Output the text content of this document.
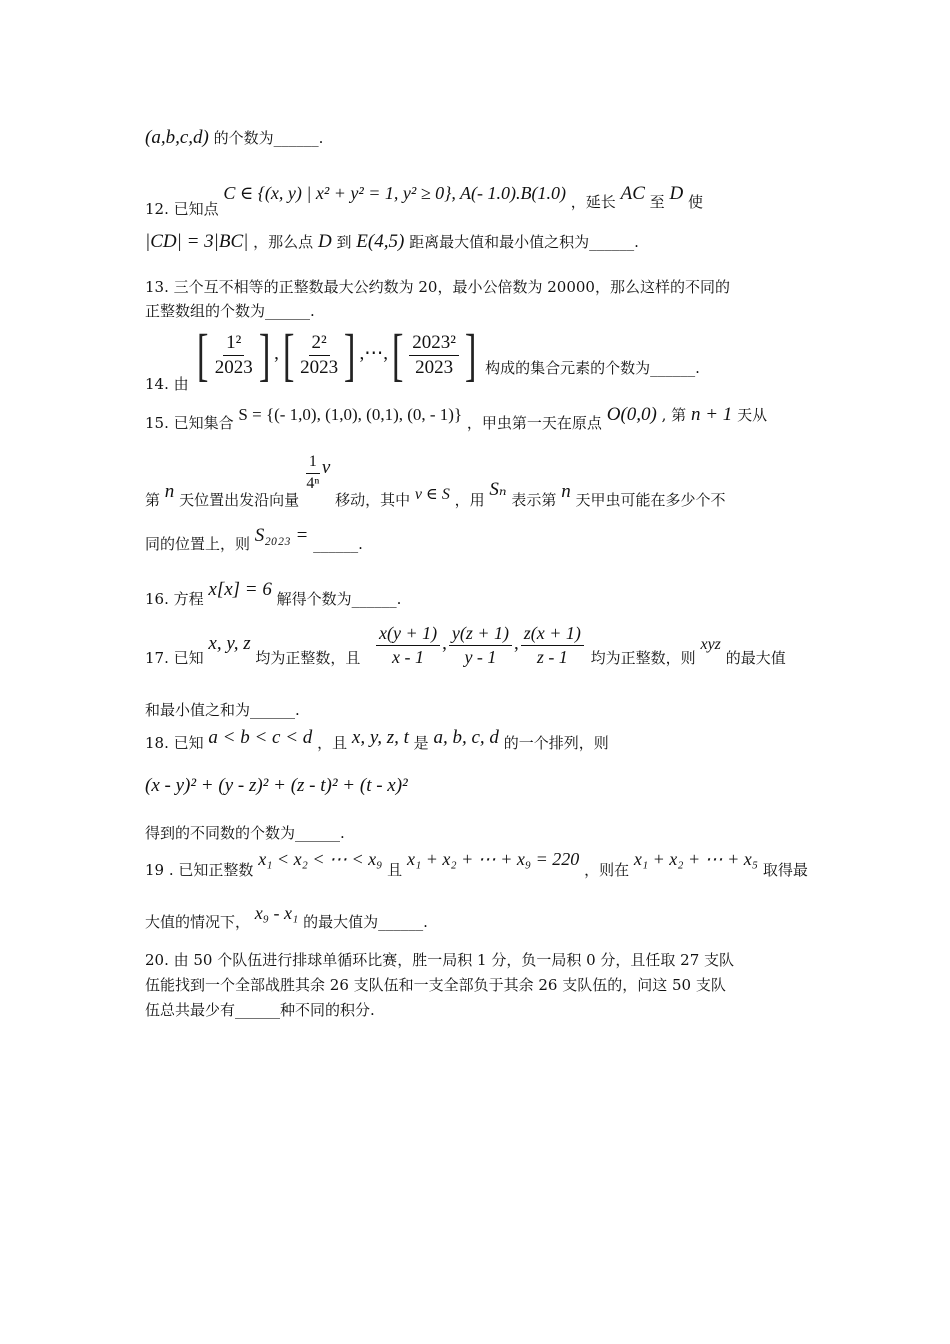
(a,b,c,d) 的个数为______.
12. 已知点 C ∈ {(x, y) | x² + y² = 1, y² ≥ 0}, A(- 1.0).B(1.0) ，延长 AC 至 D 使
|CD| = 3|BC| ，那么点 D 到 E(4,5) 距离最大值和最小值之积为______.
13. 三个互不相等的正整数最大公约数为 20，最小公倍数为 20000，那么这样的不同的
正整数组的个数为______.
14. 由 [ $\frac{\text{1²}}{2023}$ ] , [ $\frac{\text{2²}}{2023}$ ] ,⋯, [ $\frac{\text{2023²}}{2023}$ ] 构成的集合元素的个数为______.
15. 已知集合 S = {(- 1,0), (1,0), (0,1), (0, - 1)} ，甲虫第一天在原点 O(0,0) , 第 n + 1 天从
第 n 天位置出发沿向量
$\frac{1}{\text{4ⁿ}}$ v 移动，其中 v ∈ S ，用 Sₙ 表示第 n 天甲虫可能在多少个不
同的位置上，则 S₂₀₂₃ = ______.
16. 方程 x[x] = 6 解得个数为______.
17. 已知 x, y, z 均为正整数，且 $\frac{x(y + 1)}{x - 1}$ , $\frac{y(z + 1)}{y - 1}$ , $\frac{z(x + 1)}{z - 1}$ 均为正整数，则 xyz 的最大值
和最小值之和为______.
18. 已知 a < b < c < d ，且 x, y, z, t 是 a, b, c, d 的一个排列，则
(x - y)² + (y - z)² + (z - t)² + (t - x)²
得到的不同数的个数为______.
19 . 已知正整数 x₁ < x₂ < ⋯ < x₉ 且 x₁ + x₂ + ⋯ + x₉ = 220 ，则在 x₁ + x₂ + ⋯ + x₅ 取得最
大值的情况下， x₉ - x₁ 的最大值为______.
20. 由 50 个队伍进行排球单循环比赛，胜一局积 1 分，负一局积 0 分，且任取 27 支队
伍能找到一个全部战胜其余 26 支队伍和一支全部负于其余 26 支队伍的，问这 50 支队
伍总共最少有______种不同的积分.
